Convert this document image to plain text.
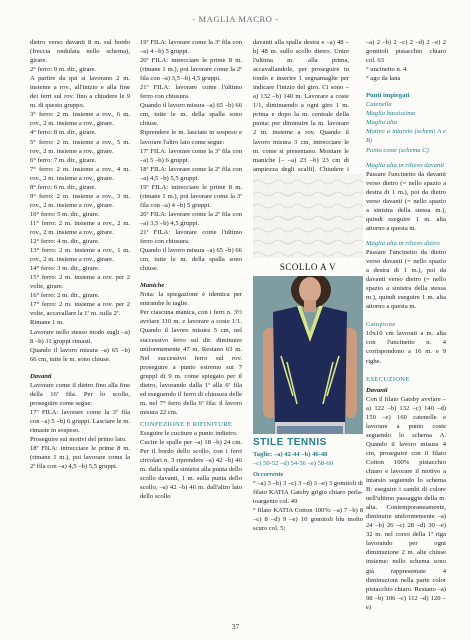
- MAGLIA MACRO -

dietro verso davanti 8 m. sul bordo (freccia ondulata nello schema), girare.

2° ferro: 9 m. dir., girare.

A partire da qui si lavorano 2 m. insieme a rov., all'inizio e alla fine dei ferri sul rov. fino a chiudere le 9 m. di questo gruppo.

3° ferro: 2 m. insieme a rov., 6 m. rov., 2 m. insieme a rov., girare.

4° ferro: 8 m. dir., girare.

5° ferro: 2 m. insieme a rov., 5 m. rov., 2 m. insieme a rov., girare.

6° ferro: 7 m. dir., girare.

7° ferro: 2 m. insieme a rov., 4 m. rov., 2 m. insieme a rov., girare.

8° ferro: 6 m. dir., girare.

9° ferro: 2 m. insieme a rov., 3 m. rov., 2 m. insieme a rov., girare.

10° ferro: 5 m. dir., girare.

11° ferro: 2 m. insieme a rov., 2 m. rov., 2 m. insieme a rov., girare.

12° ferro: 4 m. dir., girare.

13° ferro: 2 m. insieme a rov., 1 m. rov., 2 m. insieme a rov., girare.

14° ferro: 3 m. dir., girare.

15° ferro: 2 m. insieme a rov. per 2 volte, girare.

16° ferro: 2 m. dir., girare.

17° ferro: 2 m. insieme a rov. per 2 volte, accavallare la 1ª m. sulla 2ª.

Rimane 1 m.

Lavorare nello stesso modo sugli –a) 8 –b) 11 gruppi rimasti.

Quando il lavoro misura –a) 65 –b) 66 cm, tutte le m. sono chiuse.

Davanti

Lavorare come il dietro fino alla fine della 16ª fila. Per lo scollo, proseguire come segue:

17ª FILA: lavorare come la 3ª fila con –a) 5 –b) 6 gruppi. Lasciare le m. rimaste in sospeso.

Proseguire sui motivi del primo lato.

18ª FILA: intrecciare le prime 8 m. (rimane 1 m.), poi lavorare come la 2ª fila con –a) 4,5 –b) 5,5 gruppi.

19ª FILA: lavorare come la 3ª fila con –a) 4 –b) 5 gruppi.

20ª FILA: intrecciare le prime 8 m. (rimane 1 m.), poi lavorare come la 2ª fila con –a) 3,5 –b) 4,5 gruppi.

21ª FILA: lavorare come l'ultimo ferro con chiusura.

Quando il lavoro misura –a) 65 –b) 66 cm, tutte le m. della spalla sono chiuse.

Riprendere le m. lasciate in sospeso e lavorare l'altro lato come segue:

17ª FILA: lavorare come la 3ª fila con –a) 5 –b) 6 gruppi.

18ª FILA: lavorare come la 2ª fila con –a) 4,5 –b) 5,5 gruppi.

19ª FILA: intrecciare le prime 8 m. (rimane 1 m.), poi lavorare come la 3ª fila con –a) 4 –b) 5 gruppi.

20ª FILA: lavorare come la 2ª fila con –a) 3,5 –b) 4,5 gruppi.

21ª FILA: lavorare come l'ultimo ferro con chiusura.

Quando il lavoro misura –a) 65 –b) 66 cm, tutte le m. della spalla sono chiuse.

Maniche

Nota: la spiegazione è identica per entrambe le taglie.

Per ciascuna manica, con i ferri n. 3½ avviare 110 m. e lavorare a coste 1/1. Quando il lavoro misura 5 cm, nel successivo ferro sul dir. diminuire uniformemente 47 m. Restano 63 m. Nel successivo ferro sul rov. proseguire a punto estremo sui 7 gruppi di 9 m. come spiegato per il dietro, lavorando dalla 1ª alla 6ª fila ed eseguendo il ferro di chiusura delle m. nel 7° ferro della 6ª fila: il lavoro misura 22 cm.

CONFEZIONE E RIFINITURE

Eseguire le cuciture a punto indietro.

Cucire le spalle per –a) 18 –b) 24 cm. Per il bordo dello scollo, con i ferri circolari n. 3 riprendere –a) 42 –b) 46 m. dalla spalla sinistra alla punta dello scollo davanti, 1 m. sulla punta dello scollo, –a) 42 –b) 46 m. dall'altro lato dello scollo

davanti alla spalla destra e –a) 48 –b) 48 m. sullo scollo dietro. Unire l'ultima m. alla prima, accavallandole, per proseguire in tondo e inserire 1 segnamaglie per indicare l'inizio del giro. Ci sono –a) 132 –b) 140 m. Lavorare a coste 1/1, diminuendo a ogni giro 1 m. prima e dopo la m. centrale della punta: per diminuire la m. lavorare 2 m. insieme a rov. Quando il lavoro misura 3 cm, intrecciare le m. come si presentano. Montare le maniche [– –a) 23 –b) 23 cm di ampiezza degli scalfi]. Chiudere i

SCOLLO A V
STILE TENNIS

Taglie: –a) 42-44 –b) 46-48

–c) 50-52 –d) 54-56 –e) 58-60

Occorrente

° –a) 3 –b) 3 –c) 3 –d) 3 –e) 3 gomitoli di filato KATIA Gatsby grigio chiaro perla-toargento col. 49

° filato KATIA Cotton 100%: –a) 7 –b) 8 –c) 8 –d) 9 –e) 10 gomitoli blu molto scuro col. 5;

–a) 2 –b) 2 –c) 2 –d) 2 –e) 2 gomitoli pistacchio chiaro col. 63

° uncinetto n. 4

° ago da lana

Punti impiegati

Catenella

Maglia bassissima

Maglia alta

Motivo a intarsio (schemi A e B)

Punto coste (schema C)

Maglia alta in rilievo davanti

Passare l'uncinetto da davanti verso dietro (= nello spazio a destra di 1 m.), poi da dietro verso davanti (= nello spazio a sinistra della stessa m.), quindi eseguire 1 m. alta attorno a questa m.

Maglia alta in rilievo dietro

Passare l'uncinetto da dietro verso davanti (= nello spazio a destra di 1 m.), poi da davanti verso dietro (= nello spazio a sinistra della stessa m.), quindi eseguire 1 m. alta attorno a questa m.

Campione

10x10 cm lavorati a m. alta con l'uncinetto n. 4 corrispondono a 16 m. e 9 righe.

ESECUZIONE

Davanti

Con il filato Gatsby avviare –a) 122 –b) 132 –c) 140 –d) 150 –e) 160 catenelle e lavorare a punto coste seguendo lo schema A. Quando il lavoro misura 4 cm, proseguire con il filato Cotton 100% pistacchio chiaro e lavorare il motivo a intarsio seguendo lo schema B: eseguire i cambi di colore nell'ultimo passaggio della m. alta. Contemporaneamente, diminuire uniformemente –a) 24 –b) 26 –c) 28 –d) 30 –e) 32 m. nel corso della 1ª riga lavorando per ogni diminuzione 2 m. alte chiuse insieme: nello schema sono già rappresentate 4 diminuzioni nella parte color pistacchio chiaro. Restano –a) 98 –b) 106 –c) 112 –d) 120 –e)

37
